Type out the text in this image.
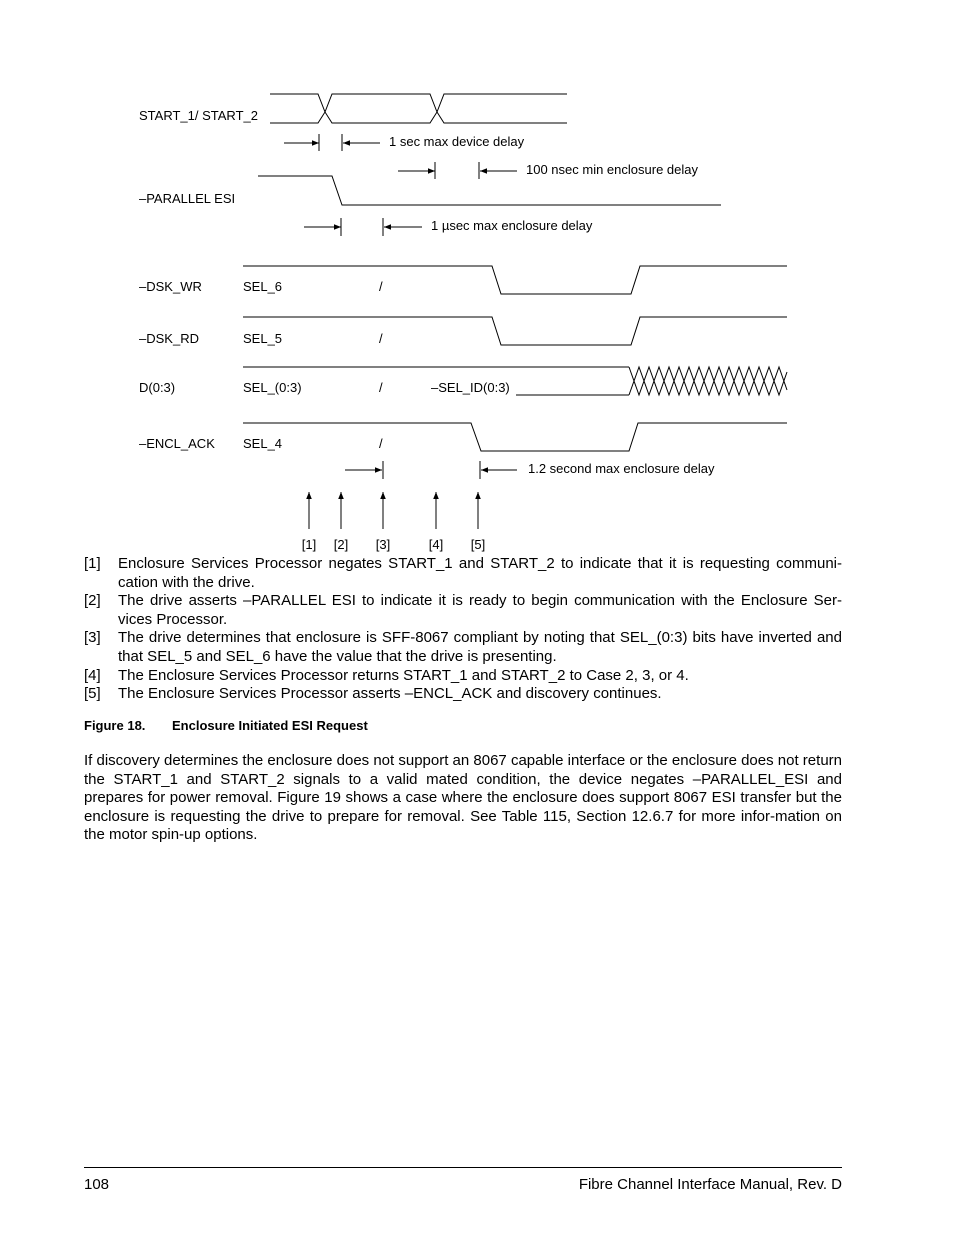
START_1/ START_2
–PARALLEL ESI
–DSK_WR
–DSK_RD
D(0:3)
–ENCL_ACK
SEL_6
SEL_5
SEL_(0:3)
SEL_4
/
/
/
/
–SEL_ID(0:3)
1 sec max device delay
100 nsec min enclosure delay
1 µsec max enclosure delay
1.2 second max enclosure delay
[1] [2] [3]	[4] [5]
[1] Enclosure Services Processor negates START_1 and START_2 to indicate that it is requesting communi-cation with the drive.
[2] The drive asserts –PARALLEL ESI to indicate it is ready to begin communication with the Enclosure Ser-vices Processor.
[3] The drive determines that enclosure is SFF-8067 compliant by noting that SEL_(0:3) bits have inverted and that SEL_5 and SEL_6 have the value that the drive is presenting.
[4] The Enclosure Services Processor returns START_1 and START_2 to Case 2, 3, or 4.
[5] The Enclosure Services Processor asserts –ENCL_ACK and discovery continues.
Figure 18. Enclosure Initiated ESI Request

If discovery determines the enclosure does not support an 8067 capable interface or the enclosure does not return the START_1 and START_2 signals to a valid mated condition, the device negates –PARALLEL_ESI and prepares for power removal. Figure 19 shows a case where the enclosure does support 8067 ESI transfer but the enclosure is requesting the drive to prepare for removal. See Table 115, Section 12.6.7 for more infor-mation on the motor spin-up options.

108	Fibre Channel Interface Manual, Rev. D
